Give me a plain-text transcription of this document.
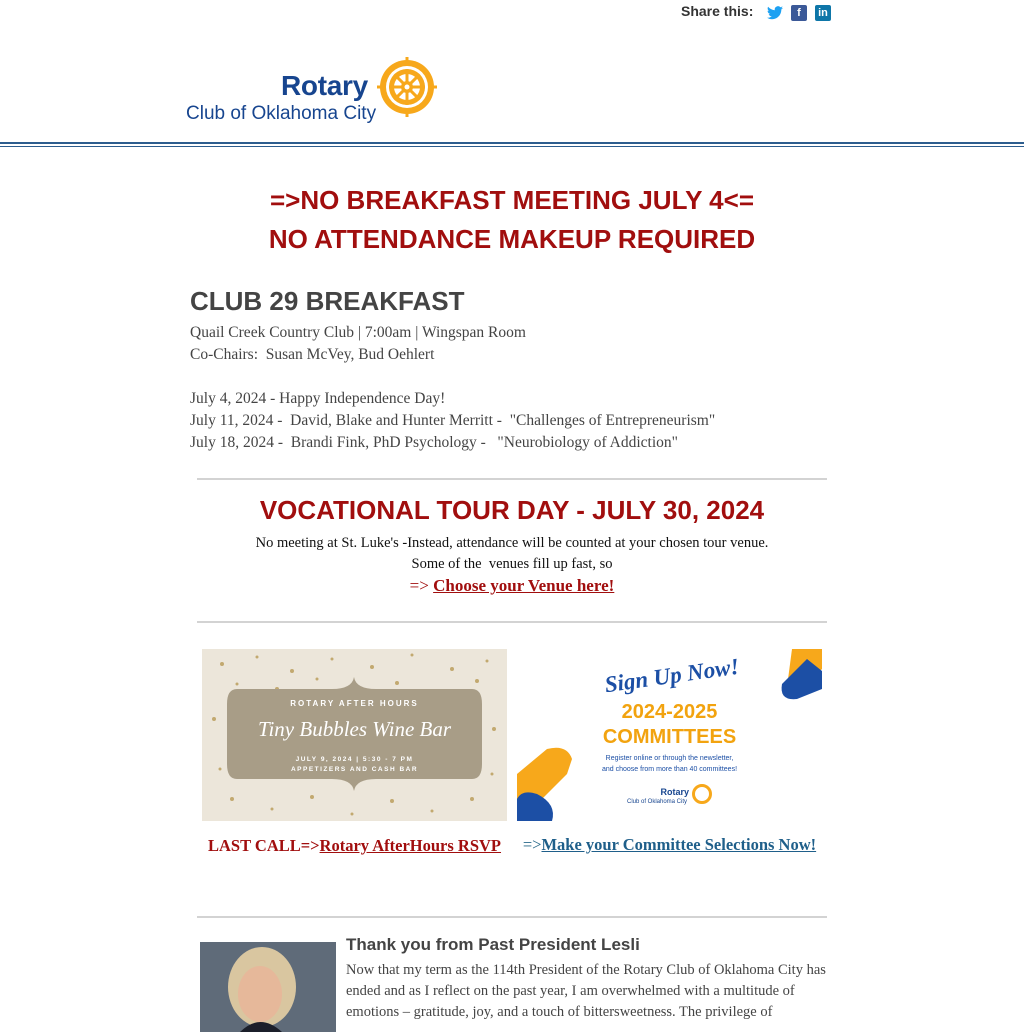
Share this:	f	in
Rotary
Club of Oklahoma City
=>NO BREAKFAST MEETING JULY 4<=
NO ATTENDANCE MAKEUP REQUIRED
CLUB 29 BREAKFAST
Quail Creek Country Club | 7:00am | Wingspan Room
Co-Chairs:  Susan McVey, Bud Oehlert
July 4, 2024 - Happy Independence Day!
July 11, 2024 -  David, Blake and Hunter Merritt -  "Challenges of Entrepreneurism"
July 18, 2024 -  Brandi Fink, PhD Psychology -   "Neurobiology of Addiction"
VOCATIONAL TOUR DAY - JULY 30, 2024
No meeting at St. Luke's -Instead, attendance will be counted at your chosen tour venue.
Some of the  venues fill up fast, so
=> Choose your Venue here!
ROTARY AFTER HOURS
Tiny Bubbles Wine Bar
JULY 9, 2024 | 5:30 - 7 PM
APPETIZERS AND CASH BAR
Sign Up Now!
2024-2025
COMMITTEES
Register online or through the newsletter, and choose from more than 40 committees!
Rotary
Club of Oklahoma City
LAST CALL=>Rotary AfterHours RSVP	=>Make your Committee Selections Now!
Thank you from Past President Lesli
Now that my term as the 114th President of the Rotary Club of Oklahoma City has ended and as I reflect on the past year, I am overwhelmed with a multitude of emotions – gratitude, joy, and a touch of bittersweetness. The privilege of
